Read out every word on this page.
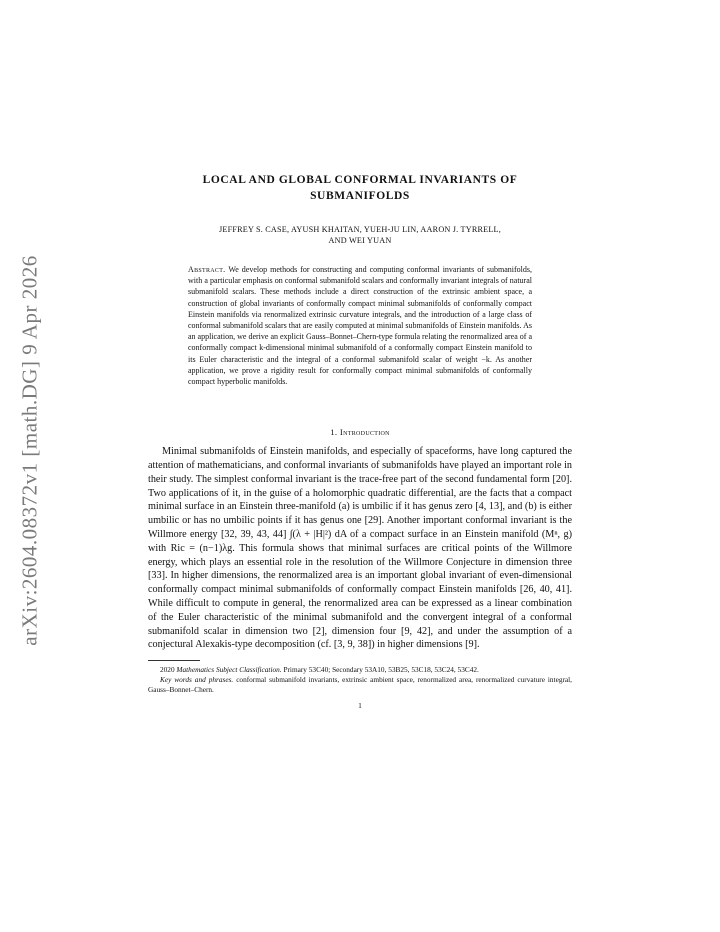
arXiv:2604.08372v1 [math.DG] 9 Apr 2026
LOCAL AND GLOBAL CONFORMAL INVARIANTS OF
SUBMANIFOLDS
JEFFREY S. CASE, AYUSH KHAITAN, YUEH-JU LIN, AARON J. TYRRELL,
AND WEI YUAN
Abstract. We develop methods for constructing and computing conformal invariants of submanifolds, with a particular emphasis on conformal submanifold scalars and conformally invariant integrals of natural submanifold scalars. These methods include a direct construction of the extrinsic ambient space, a construction of global invariants of conformally compact minimal submanifolds of conformally compact Einstein manifolds via renormalized extrinsic curvature integrals, and the introduction of a large class of conformal submanifold scalars that are easily computed at minimal submanifolds of Einstein manifolds. As an application, we derive an explicit Gauss–Bonnet–Chern-type formula relating the renormalized area of a conformally compact k-dimensional minimal submanifold of a conformally compact Einstein manifold to its Euler characteristic and the integral of a conformal submanifold scalar of weight −k. As another application, we prove a rigidity result for conformally compact minimal submanifolds of conformally compact hyperbolic manifolds.
1. Introduction

Minimal submanifolds of Einstein manifolds, and especially of spaceforms, have long captured the attention of mathematicians, and conformal invariants of submanifolds have played an important role in their study. The simplest conformal invariant is the trace-free part of the second fundamental form [20]. Two applications of it, in the guise of a holomorphic quadratic differential, are the facts that a compact minimal surface in an Einstein three-manifold (a) is umbilic if it has genus zero [4, 13], and (b) is either umbilic or has no umbilic points if it has genus one [29]. Another important conformal invariant is the Willmore energy [32, 39, 43, 44] ∫(λ + |H|²) dA of a compact surface in an Einstein manifold (Mⁿ, g) with Ric = (n−1)λg. This formula shows that minimal surfaces are critical points of the Willmore energy, which plays an essential role in the resolution of the Willmore Conjecture in dimension three [33]. In higher dimensions, the renormalized area is an important global invariant of even-dimensional conformally compact minimal submanifolds of conformally compact Einstein manifolds [26, 40, 41]. While difficult to compute in general, the renormalized area can be expressed as a linear combination of the Euler characteristic of the minimal submanifold and the convergent integral of a conformal submanifold scalar in dimension two [2], dimension four [9, 42], and under the assumption of a conjectural Alexakis-type decomposition (cf. [3, 9, 38]) in higher dimensions [9].

2020 Mathematics Subject Classification. Primary 53C40; Secondary 53A10, 53B25, 53C18, 53C24, 53C42.

Key words and phrases. conformal submanifold invariants, extrinsic ambient space, renormalized area, renormalized curvature integral, Gauss–Bonnet–Chern.

1
